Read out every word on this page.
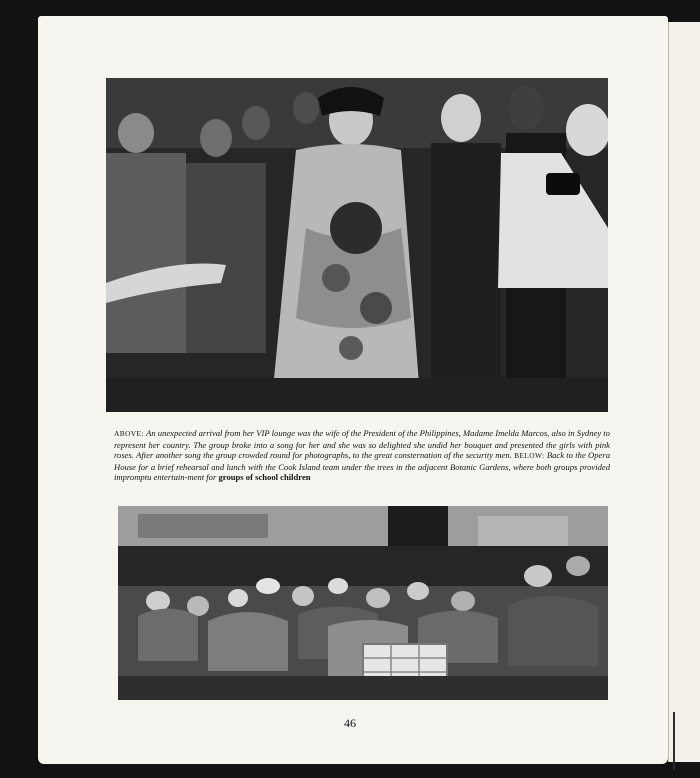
ABOVE: An unexpected arrival from her VIP lounge was the wife of the President of the Philippines, Madame Imelda Marcos, also in Sydney to represent her country. The group broke into a song for her and she was so delighted she undid her bouquet and presented the girls with pink roses. After another song the group crowded round for photographs, to the great consternation of the security men. BELOW: Back to the Opera House for a brief rehearsal and lunch with the Cook Island team under the trees in the adjacent Botanic Gardens, where both groups provided impromptu entertain-ment for groups of school children
46
